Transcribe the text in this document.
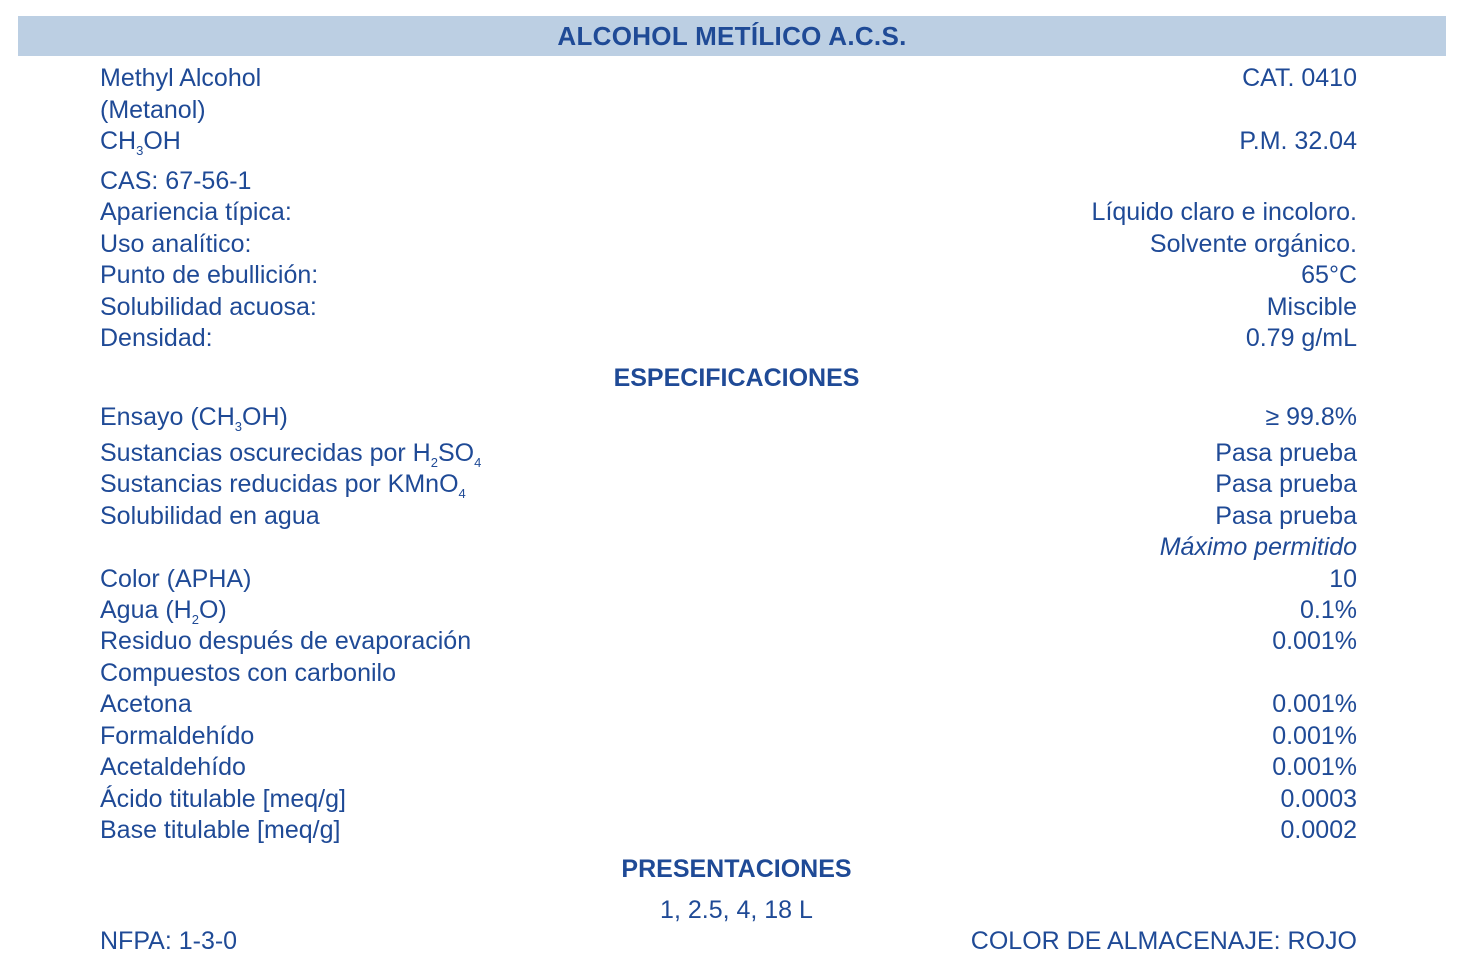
ALCOHOL METÍLICO A.C.S.
Methyl Alcohol	CAT. 0410
(Metanol)
$CH_3OH$	P.M. 32.04
CAS: 67-56-1
Apariencia típica:	Líquido claro e incoloro.
Uso analítico:	Solvente orgánico.
Punto de ebullición:	65°C
Solubilidad acuosa:	Miscible
Densidad:	0.79 g/mL
ESPECIFICACIONES
Ensayo $(CH_3OH)$	≥ 99.8%
Sustancias oscurecidas por $H_2SO_4$	Pasa prueba
Sustancias reducidas por KMnO$_4$	Pasa prueba
Solubilidad en agua	Pasa prueba
Máximo permitido
Color (APHA)	10
Agua $(H_2O)$	0.1%
Residuo después de evaporación	0.001%
Compuestos con carbonilo
Acetona	0.001%
Formaldehído	0.001%
Acetaldehído	0.001%
Ácido titulable [meq/g]	0.0003
Base titulable [meq/g]	0.0002
PRESENTACIONES
1, 2.5, 4, 18 L
NFPA: 1-3-0	COLOR DE ALMACENAJE: ROJO
